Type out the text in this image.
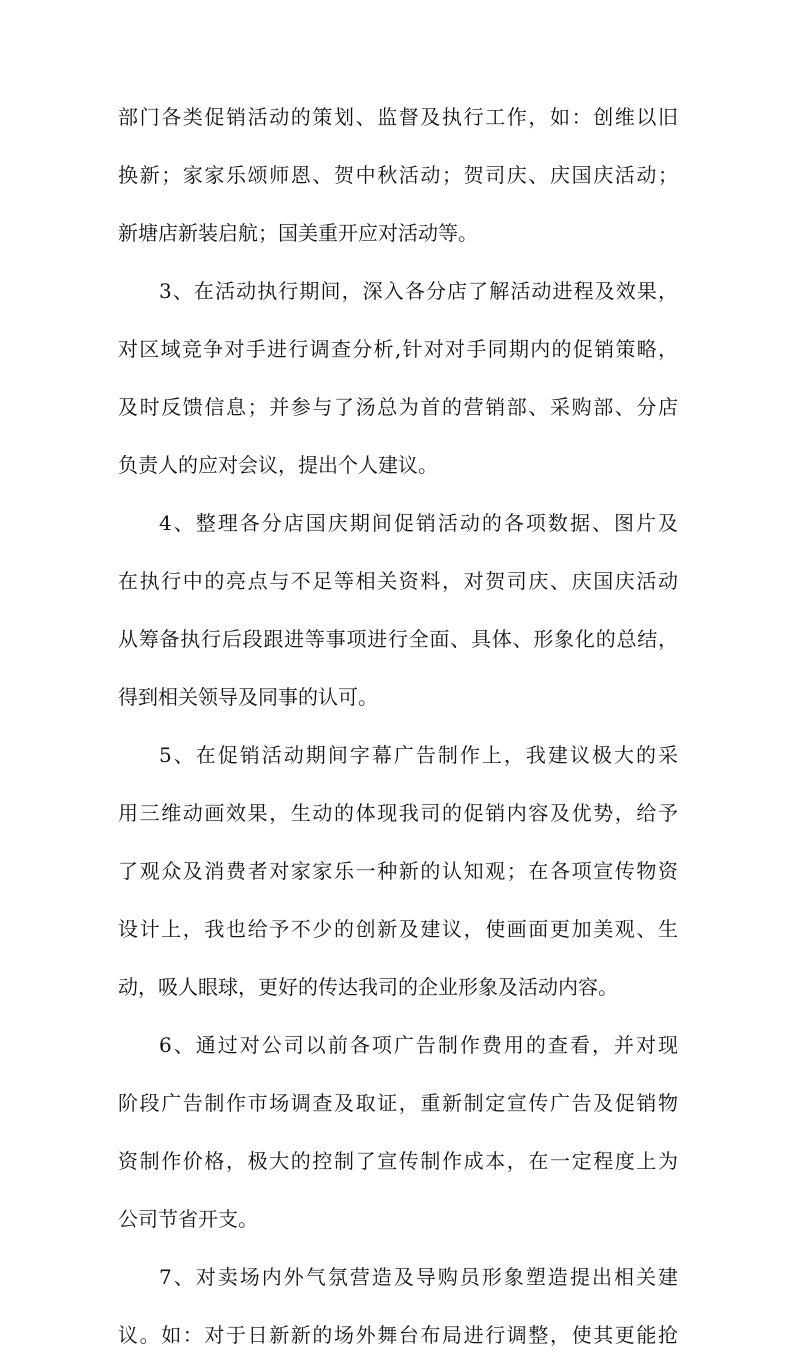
部门各类促销活动的策划、监督及执行工作，如：创维以旧
换新；家家乐颂师恩、贺中秋活动；贺司庆、庆国庆活动；
新塘店新装启航；国美重开应对活动等。
3、在活动执行期间，深入各分店了解活动进程及效果，
对区域竞争对手进行调查分析,针对对手同期内的促销策略，
及时反馈信息；并参与了汤总为首的营销部、采购部、分店
负责人的应对会议，提出个人建议。
4、整理各分店国庆期间促销活动的各项数据、图片及
在执行中的亮点与不足等相关资料，对贺司庆、庆国庆活动
从筹备执行后段跟进等事项进行全面、具体、形象化的总结，
得到相关领导及同事的认可。
5、在促销活动期间字幕广告制作上，我建议极大的采
用三维动画效果，生动的体现我司的促销内容及优势，给予
了观众及消费者对家家乐一种新的认知观；在各项宣传物资
设计上，我也给予不少的创新及建议，使画面更加美观、生
动，吸人眼球，更好的传达我司的企业形象及活动内容。
6、通过对公司以前各项广告制作费用的查看，并对现
阶段广告制作市场调查及取证，重新制定宣传广告及促销物
资制作价格，极大的控制了宣传制作成本，在一定程度上为
公司节省开支。
7、对卖场内外气氛营造及导购员形象塑造提出相关建
议。如：对于日新新的场外舞台布局进行调整，使其更能抢
